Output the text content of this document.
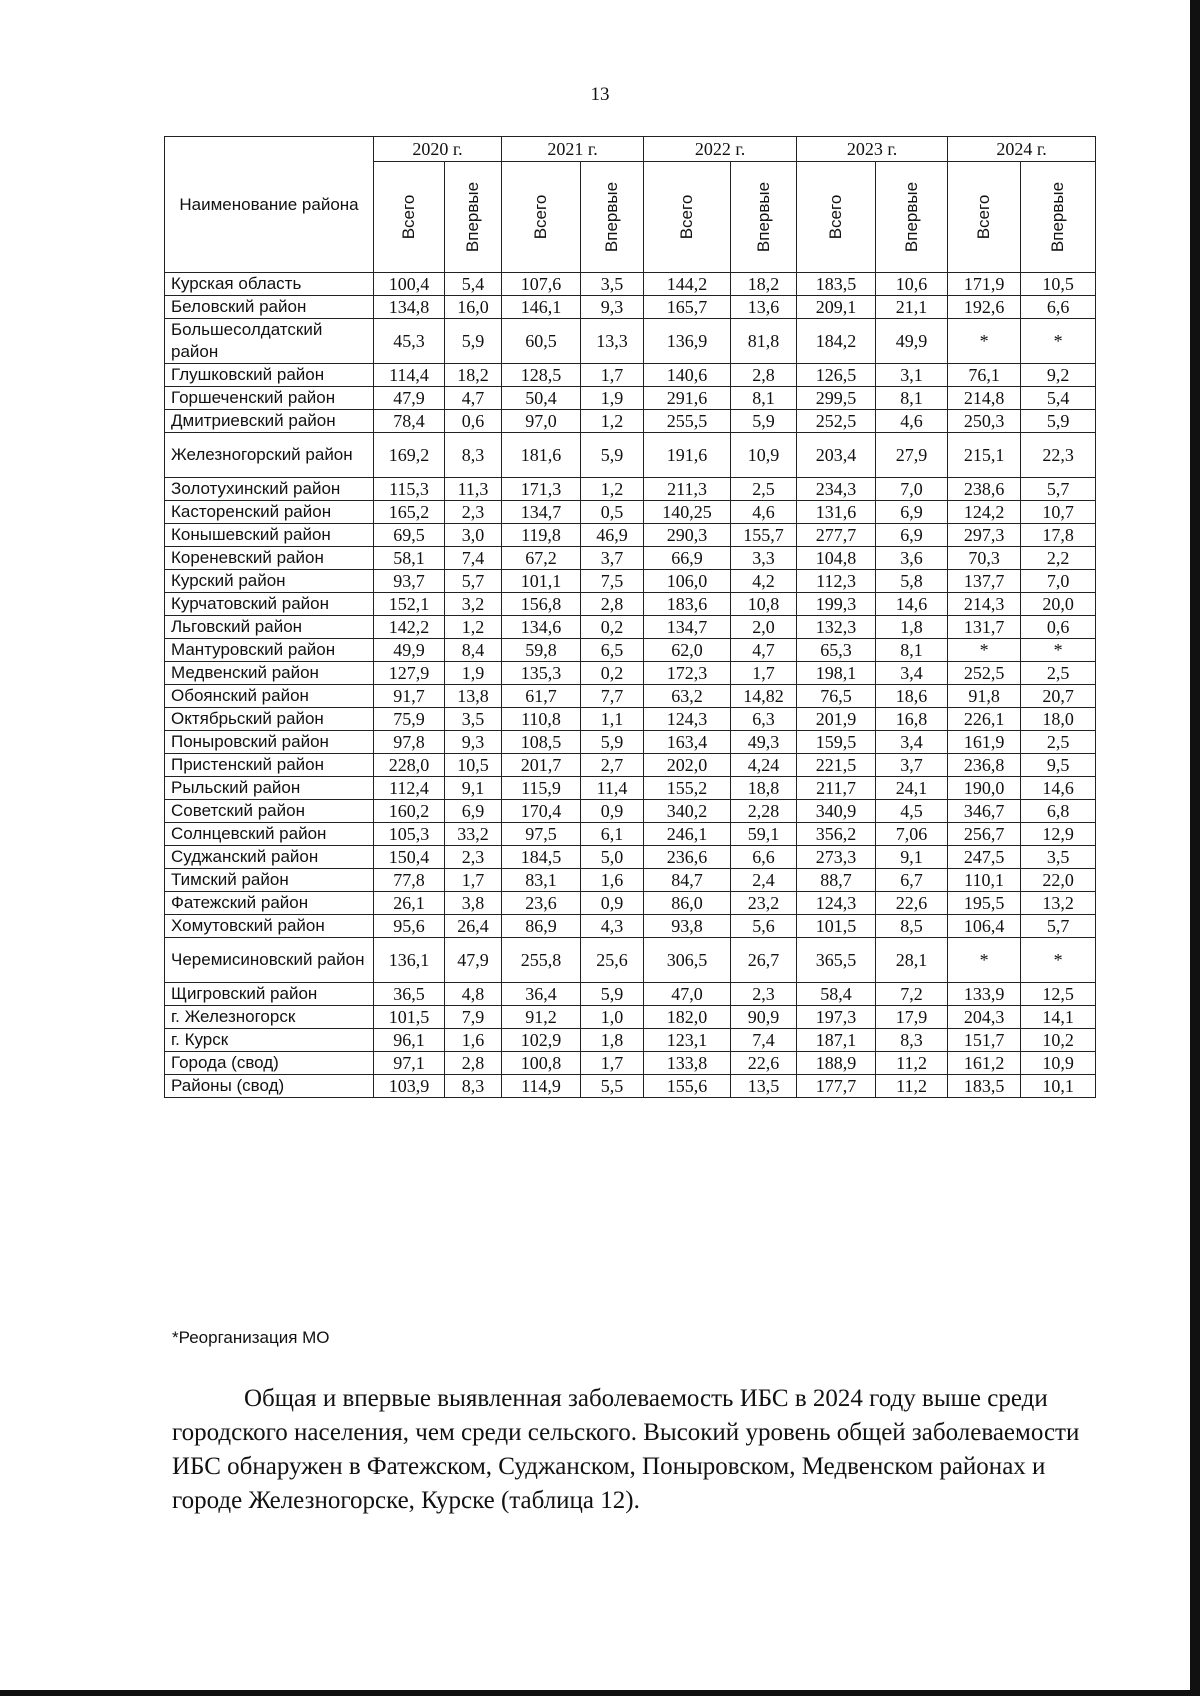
13
Наименование района	2020 г.		2021 г.		2022 г.		2023 г.		2024 г.	

	Всего	Впервые	Всего	Впервые	Всего	Впервые	Всего	Впервые	Всего	Впервые

Курская область	100,4	5,4	107,6	3,5	144,2	18,2	183,5	10,6	171,9	10,5
Беловский район	134,8	16,0	146,1	9,3	165,7	13,6	209,1	21,1	192,6	6,6
Большесолдатский район	45,3	5,9	60,5	13,3	136,9	81,8	184,2	49,9	*	*
Глушковский район	114,4	18,2	128,5	1,7	140,6	2,8	126,5	3,1	76,1	9,2
Горшеченский район	47,9	4,7	50,4	1,9	291,6	8,1	299,5	8,1	214,8	5,4
Дмитриевский район	78,4	0,6	97,0	1,2	255,5	5,9	252,5	4,6	250,3	5,9
Железногорский район	169,2	8,3	181,6	5,9	191,6	10,9	203,4	27,9	215,1	22,3
Золотухинский район	115,3	11,3	171,3	1,2	211,3	2,5	234,3	7,0	238,6	5,7
Касторенский район	165,2	2,3	134,7	0,5	140,25	4,6	131,6	6,9	124,2	10,7
Конышевский район	69,5	3,0	119,8	46,9	290,3	155,7	277,7	6,9	297,3	17,8
Кореневский район	58,1	7,4	67,2	3,7	66,9	3,3	104,8	3,6	70,3	2,2
Курский район	93,7	5,7	101,1	7,5	106,0	4,2	112,3	5,8	137,7	7,0
Курчатовский район	152,1	3,2	156,8	2,8	183,6	10,8	199,3	14,6	214,3	20,0
Льговский район	142,2	1,2	134,6	0,2	134,7	2,0	132,3	1,8	131,7	0,6
Мантуровский район	49,9	8,4	59,8	6,5	62,0	4,7	65,3	8,1	*	*
Медвенский район	127,9	1,9	135,3	0,2	172,3	1,7	198,1	3,4	252,5	2,5
Обоянский район	91,7	13,8	61,7	7,7	63,2	14,82	76,5	18,6	91,8	20,7
Октябрьский район	75,9	3,5	110,8	1,1	124,3	6,3	201,9	16,8	226,1	18,0
Поныровский район	97,8	9,3	108,5	5,9	163,4	49,3	159,5	3,4	161,9	2,5
Пристенский район	228,0	10,5	201,7	2,7	202,0	4,24	221,5	3,7	236,8	9,5
Рыльский район	112,4	9,1	115,9	11,4	155,2	18,8	211,7	24,1	190,0	14,6
Советский район	160,2	6,9	170,4	0,9	340,2	2,28	340,9	4,5	346,7	6,8
Солнцевский район	105,3	33,2	97,5	6,1	246,1	59,1	356,2	7,06	256,7	12,9
Суджанский район	150,4	2,3	184,5	5,0	236,6	6,6	273,3	9,1	247,5	3,5
Тимский район	77,8	1,7	83,1	1,6	84,7	2,4	88,7	6,7	110,1	22,0
Фатежский район	26,1	3,8	23,6	0,9	86,0	23,2	124,3	22,6	195,5	13,2
Хомутовский район	95,6	26,4	86,9	4,3	93,8	5,6	101,5	8,5	106,4	5,7
Черемисиновский район	136,1	47,9	255,8	25,6	306,5	26,7	365,5	28,1	*	*
Щигровский район	36,5	4,8	36,4	5,9	47,0	2,3	58,4	7,2	133,9	12,5
г. Железногорск	101,5	7,9	91,2	1,0	182,0	90,9	197,3	17,9	204,3	14,1
г. Курск	96,1	1,6	102,9	1,8	123,1	7,4	187,1	8,3	151,7	10,2
Города (свод)	97,1	2,8	100,8	1,7	133,8	22,6	188,9	11,2	161,2	10,9
Районы (свод)	103,9	8,3	114,9	5,5	155,6	13,5	177,7	11,2	183,5	10,1
*Реорганизация МО

Общая и впервые выявленная заболеваемость ИБС в 2024 году выше среди городского населения, чем среди сельского. Высокий уровень общей заболеваемости ИБС обнаружен в Фатежском, Суджанском, Поныровском, Медвенском районах и городе Железногорске, Курске (таблица 12).
